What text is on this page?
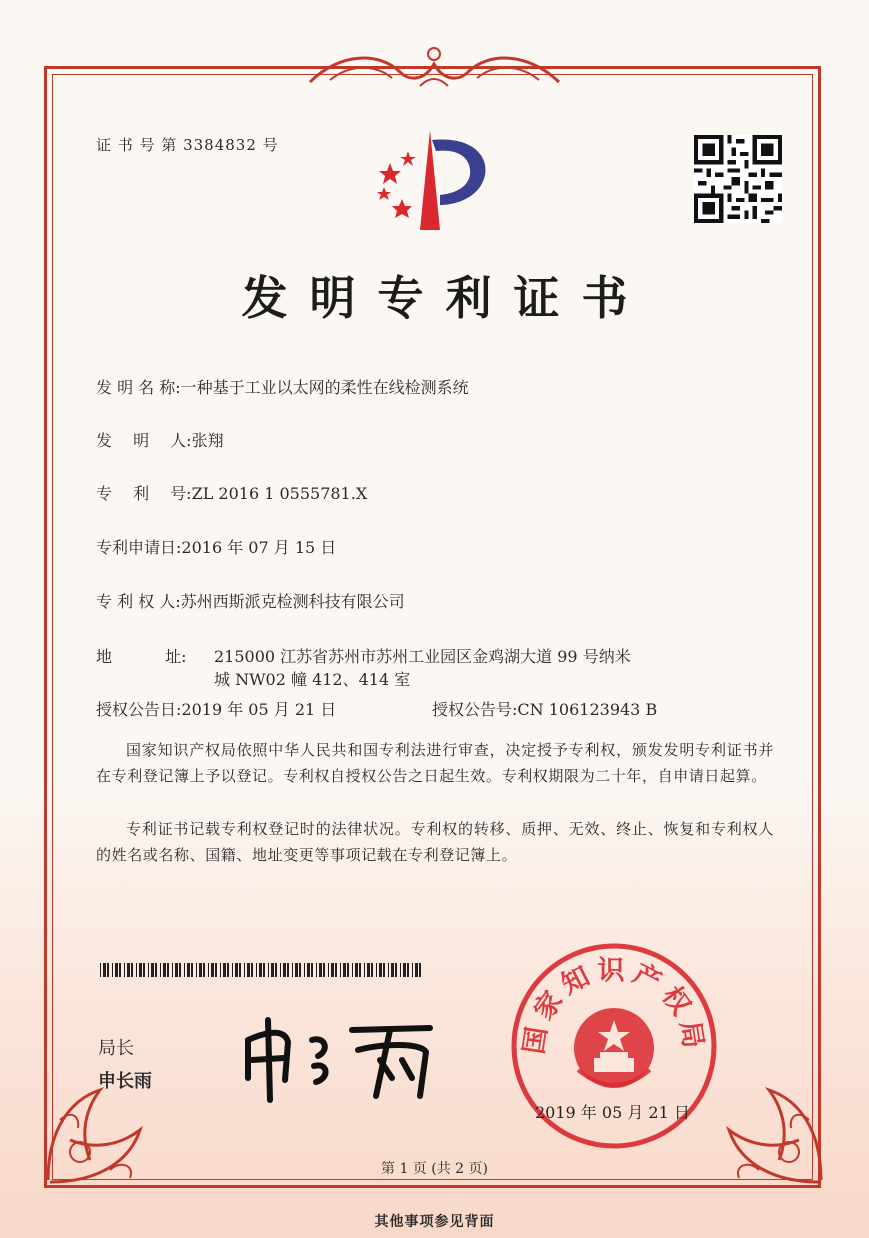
证 书 号 第 3384832 号
发明专利证书
发 明 名 称:一种基于工业以太网的柔性在线检测系统
发　 明　 人:张翔
专　 利　 号:ZL 2016 1 0555781.X
专利申请日:2016 年 07 月 15 日
专 利 权 人:苏州西斯派克检测科技有限公司
地　　　 址: 215000 江苏省苏州市苏州工业园区金鸡湖大道 99 号纳米
城 NW02 幢 412、414 室
授权公告日:2019 年 05 月 21 日	授权公告号:CN 106123943 B
国家知识产权局依照中华人民共和国专利法进行审查，决定授予专利权，颁发发明专利证书并在专利登记簿上予以登记。专利权自授权公告之日起生效。专利权期限为二十年，自申请日起算。
专利证书记载专利权登记时的法律状况。专利权的转移、质押、无效、终止、恢复和专利权人的姓名或名称、国籍、地址变更等事项记载在专利登记簿上。
局长
申长雨
国家知识产权局
2019 年 05 月 21 日
第 1 页 (共 2 页)
其他事项参见背面
